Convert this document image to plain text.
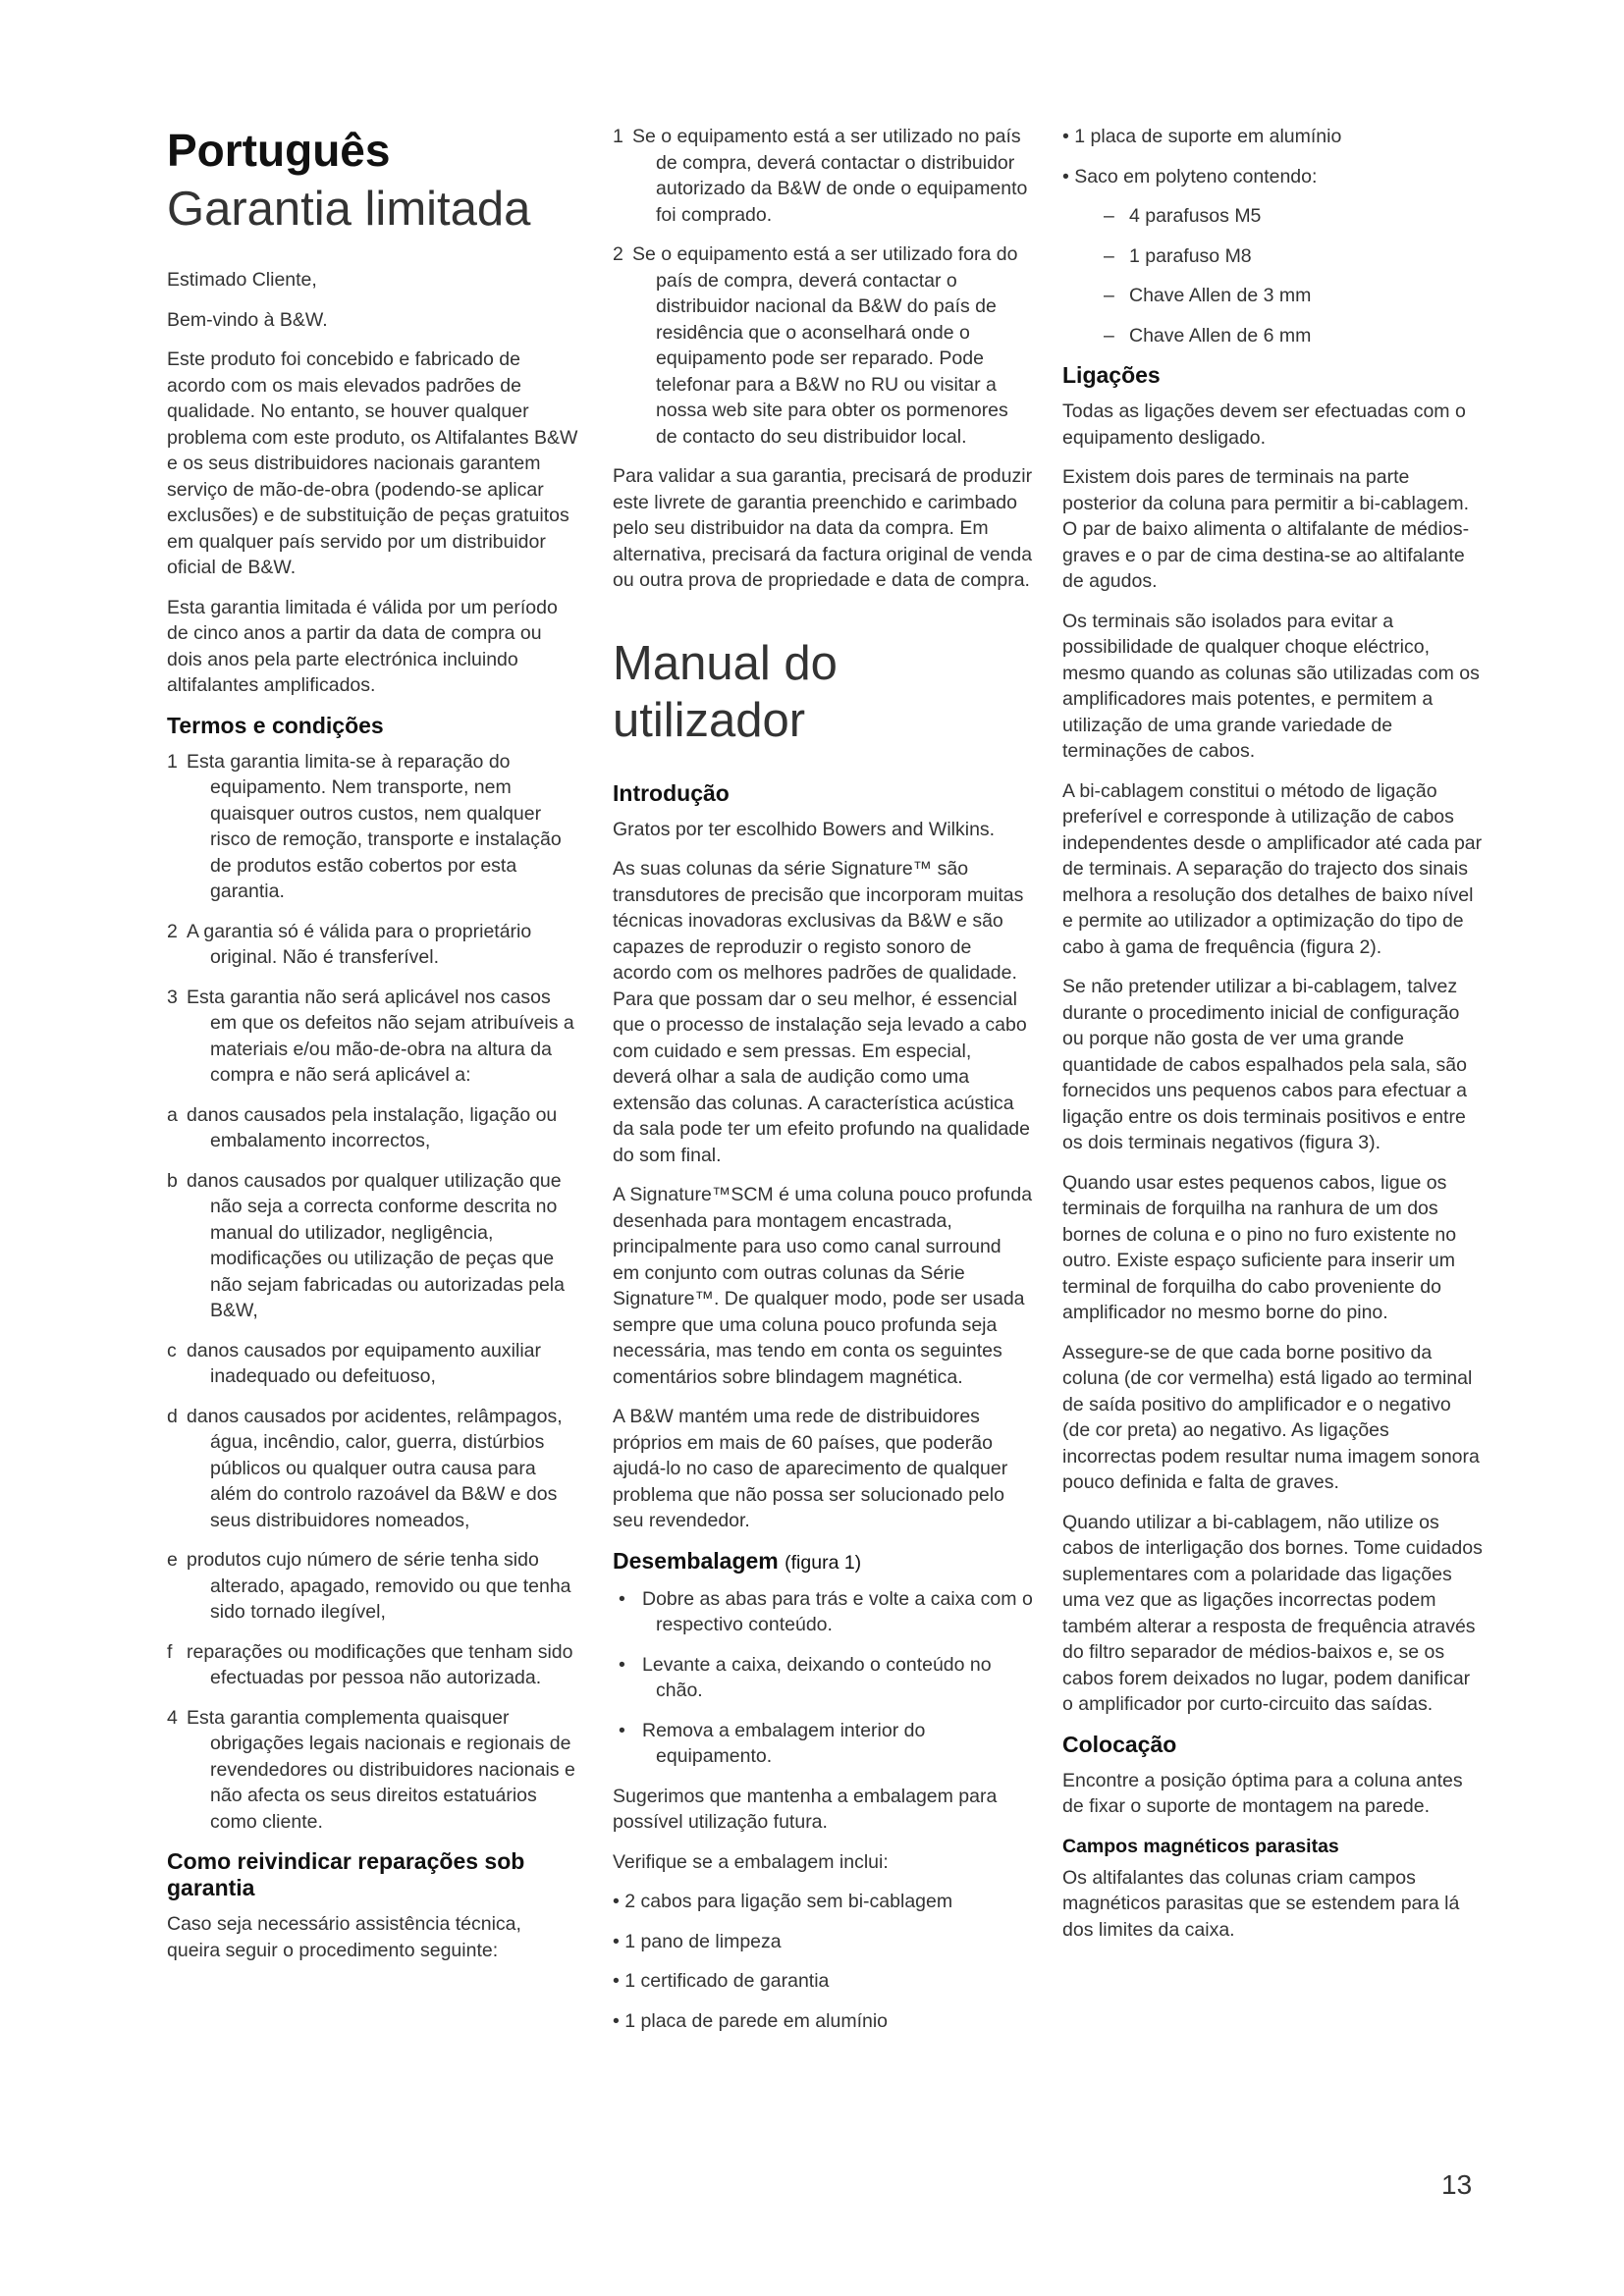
Português
Garantia limitada

Estimado Cliente,

Bem-vindo à B&W.

Este produto foi concebido e fabricado de acordo com os mais elevados padrões de qualidade. No entanto, se houver qualquer problema com este produto, os Altifalantes B&W e os seus distribuidores nacionais garantem serviço de mão-de-obra (podendo-se aplicar exclusões) e de substituição de peças gratuitos em qualquer país servido por um distribuidor oficial de B&W.

Esta garantia limitada é válida por um período de cinco anos a partir da data de compra ou dois anos pela parte electrónica incluindo altifalantes amplificados.

Termos e condições

1 Esta garantia limita-se à reparação do equipamento. Nem transporte, nem quaisquer outros custos, nem qualquer risco de remoção, transporte e instalação de produtos estão cobertos por esta garantia.

2 A garantia só é válida para o proprietário original. Não é transferível.

3 Esta garantia não será aplicável nos casos em que os defeitos não sejam atribuíveis a materiais e/ou mão-de-obra na altura da compra e não será aplicável a:

a danos causados pela instalação, ligação ou embalamento incorrectos,

b danos causados por qualquer utilização que não seja a correcta conforme descrita no manual do utilizador, negligência, modificações ou utilização de peças que não sejam fabricadas ou autorizadas pela B&W,

c danos causados por equipamento auxiliar inadequado ou defeituoso,

d danos causados por acidentes, relâmpagos, água, incêndio, calor, guerra, distúrbios públicos ou qualquer outra causa para além do controlo razoável da B&W e dos seus distribuidores nomeados,

e produtos cujo número de série tenha sido alterado, apagado, removido ou que tenha sido tornado ilegível,

f reparações ou modificações que tenham sido efectuadas por pessoa não autorizada.

4 Esta garantia complementa quaisquer obrigações legais nacionais e regionais de revendedores ou distribuidores nacionais e não afecta os seus direitos estatuários como cliente.

Como reivindicar reparações sob garantia

Caso seja necessário assistência técnica, queira seguir o procedimento seguinte:

1 Se o equipamento está a ser utilizado no país de compra, deverá contactar o distribuidor autorizado da B&W de onde o equipamento foi comprado.

2 Se o equipamento está a ser utilizado fora do país de compra, deverá contactar o distribuidor nacional da B&W do país de residência que o aconselhará onde o equipamento pode ser reparado. Pode telefonar para a B&W no RU ou visitar a nossa web site para obter os pormenores de contacto do seu distribuidor local.

Para validar a sua garantia, precisará de produzir este livrete de garantia preenchido e carimbado pelo seu distribuidor na data da compra. Em alternativa, precisará da factura original de venda ou outra prova de propriedade e data de compra.

Manual do utilizador
Introdução

Gratos por ter escolhido Bowers and Wilkins.

As suas colunas da série Signature™ são transdutores de precisão que incorporam muitas técnicas inovadoras exclusivas da B&W e são capazes de reproduzir o registo sonoro de acordo com os melhores padrões de qualidade. Para que possam dar o seu melhor, é essencial que o processo de instalação seja levado a cabo com cuidado e sem pressas. Em especial, deverá olhar a sala de audição como uma extensão das colunas. A característica acústica da sala pode ter um efeito profundo na qualidade do som final.

A Signature™SCM é uma coluna pouco profunda desenhada para montagem encastrada, principalmente para uso como canal surround em conjunto com outras colunas da Série Signature™. De qualquer modo, pode ser usada sempre que uma coluna pouco profunda seja necessária, mas tendo em conta os seguintes comentários sobre blindagem magnética.

A B&W mantém uma rede de distribuidores próprios em mais de 60 países, que poderão ajudá-lo no caso de aparecimento de qualquer problema que não possa ser solucionado pelo seu revendedor.

Desembalagem (figura 1)

• Dobre as abas para trás e volte a caixa com o respectivo conteúdo.

• Levante a caixa, deixando o conteúdo no chão.

• Remova a embalagem interior do equipamento.

Sugerimos que mantenha a embalagem para possível utilização futura.

Verifique se a embalagem inclui:

• 2 cabos para ligação sem bi-cablagem

• 1 pano de limpeza

• 1 certificado de garantia

• 1 placa de parede em alumínio

• 1 placa de suporte em alumínio

• Saco em polyteno contendo:

– 4 parafusos M5

– 1 parafuso M8

– Chave Allen de 3 mm

– Chave Allen de 6 mm

Ligações

Todas as ligações devem ser efectuadas com o equipamento desligado.

Existem dois pares de terminais na parte posterior da coluna para permitir a bi-cablagem. O par de baixo alimenta o altifalante de médios-graves e o par de cima destina-se ao altifalante de agudos.

Os terminais são isolados para evitar a possibilidade de qualquer choque eléctrico, mesmo quando as colunas são utilizadas com os amplificadores mais potentes, e permitem a utilização de uma grande variedade de terminações de cabos.

A bi-cablagem constitui o método de ligação preferível e corresponde à utilização de cabos independentes desde o amplificador até cada par de terminais. A separação do trajecto dos sinais melhora a resolução dos detalhes de baixo nível e permite ao utilizador a optimização do tipo de cabo à gama de frequência (figura 2).

Se não pretender utilizar a bi-cablagem, talvez durante o procedimento inicial de configuração ou porque não gosta de ver uma grande quantidade de cabos espalhados pela sala, são fornecidos uns pequenos cabos para efectuar a ligação entre os dois terminais positivos e entre os dois terminais negativos (figura 3).

Quando usar estes pequenos cabos, ligue os terminais de forquilha na ranhura de um dos bornes de coluna e o pino no furo existente no outro. Existe espaço suficiente para inserir um terminal de forquilha do cabo proveniente do amplificador no mesmo borne do pino.

Assegure-se de que cada borne positivo da coluna (de cor vermelha) está ligado ao terminal de saída positivo do amplificador e o negativo (de cor preta) ao negativo. As ligações incorrectas podem resultar numa imagem sonora pouco definida e falta de graves.

Quando utilizar a bi-cablagem, não utilize os cabos de interligação dos bornes. Tome cuidados suplementares com a polaridade das ligações uma vez que as ligações incorrectas podem também alterar a resposta de frequência através do filtro separador de médios-baixos e, se os cabos forem deixados no lugar, podem danificar o amplificador por curto-circuito das saídas.

Colocação

Encontre a posição óptima para a coluna antes de fixar o suporte de montagem na parede.

Campos magnéticos parasitas

Os altifalantes das colunas criam campos magnéticos parasitas que se estendem para lá dos limites da caixa.

13
